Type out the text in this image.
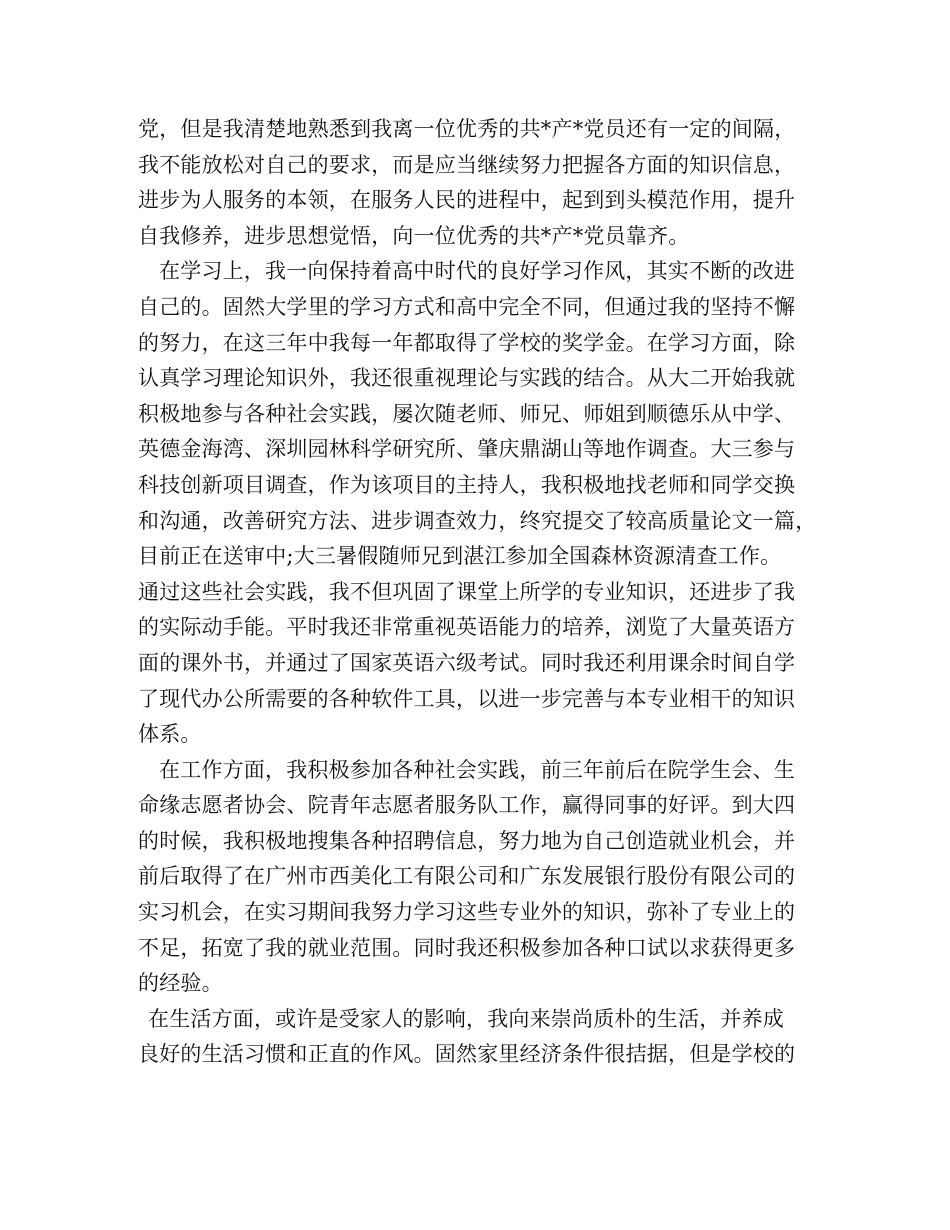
党，但是我清楚地熟悉到我离一位优秀的共*产*党员还有一定的间隔，
我不能放松对自己的要求，而是应当继续努力把握各方面的知识信息，
进步为人服务的本领，在服务人民的进程中，起到到头模范作用，提升
自我修养，进步思想觉悟，向一位优秀的共*产*党员靠齐。
在学习上，我一向保持着高中时代的良好学习作风，其实不断的改进
自己的。固然大学里的学习方式和高中完全不同，但通过我的坚持不懈
的努力，在这三年中我每一年都取得了学校的奖学金。在学习方面，除
认真学习理论知识外，我还很重视理论与实践的结合。从大二开始我就
积极地参与各种社会实践，屡次随老师、师兄、师姐到顺德乐从中学、
英德金海湾、深圳园林科学研究所、肇庆鼎湖山等地作调查。大三参与
科技创新项目调查，作为该项目的主持人，我积极地找老师和同学交换
和沟通，改善研究方法、进步调查效力，终究提交了较高质量论文一篇，
目前正在送审中;大三暑假随师兄到湛江参加全国森林资源清查工作。
通过这些社会实践，我不但巩固了课堂上所学的专业知识，还进步了我
的实际动手能。平时我还非常重视英语能力的培养，浏览了大量英语方
面的课外书，并通过了国家英语六级考试。同时我还利用课余时间自学
了现代办公所需要的各种软件工具，以进一步完善与本专业相干的知识
体系。
在工作方面，我积极参加各种社会实践，前三年前后在院学生会、生
命缘志愿者协会、院青年志愿者服务队工作，赢得同事的好评。到大四
的时候，我积极地搜集各种招聘信息，努力地为自己创造就业机会，并
前后取得了在广州市西美化工有限公司和广东发展银行股份有限公司的
实习机会，在实习期间我努力学习这些专业外的知识，弥补了专业上的
不足，拓宽了我的就业范围。同时我还积极参加各种口试以求获得更多
的经验。
在生活方面，或许是受家人的影响，我向来崇尚质朴的生活，并养成
良好的生活习惯和正直的作风。固然家里经济条件很拮据，但是学校的
